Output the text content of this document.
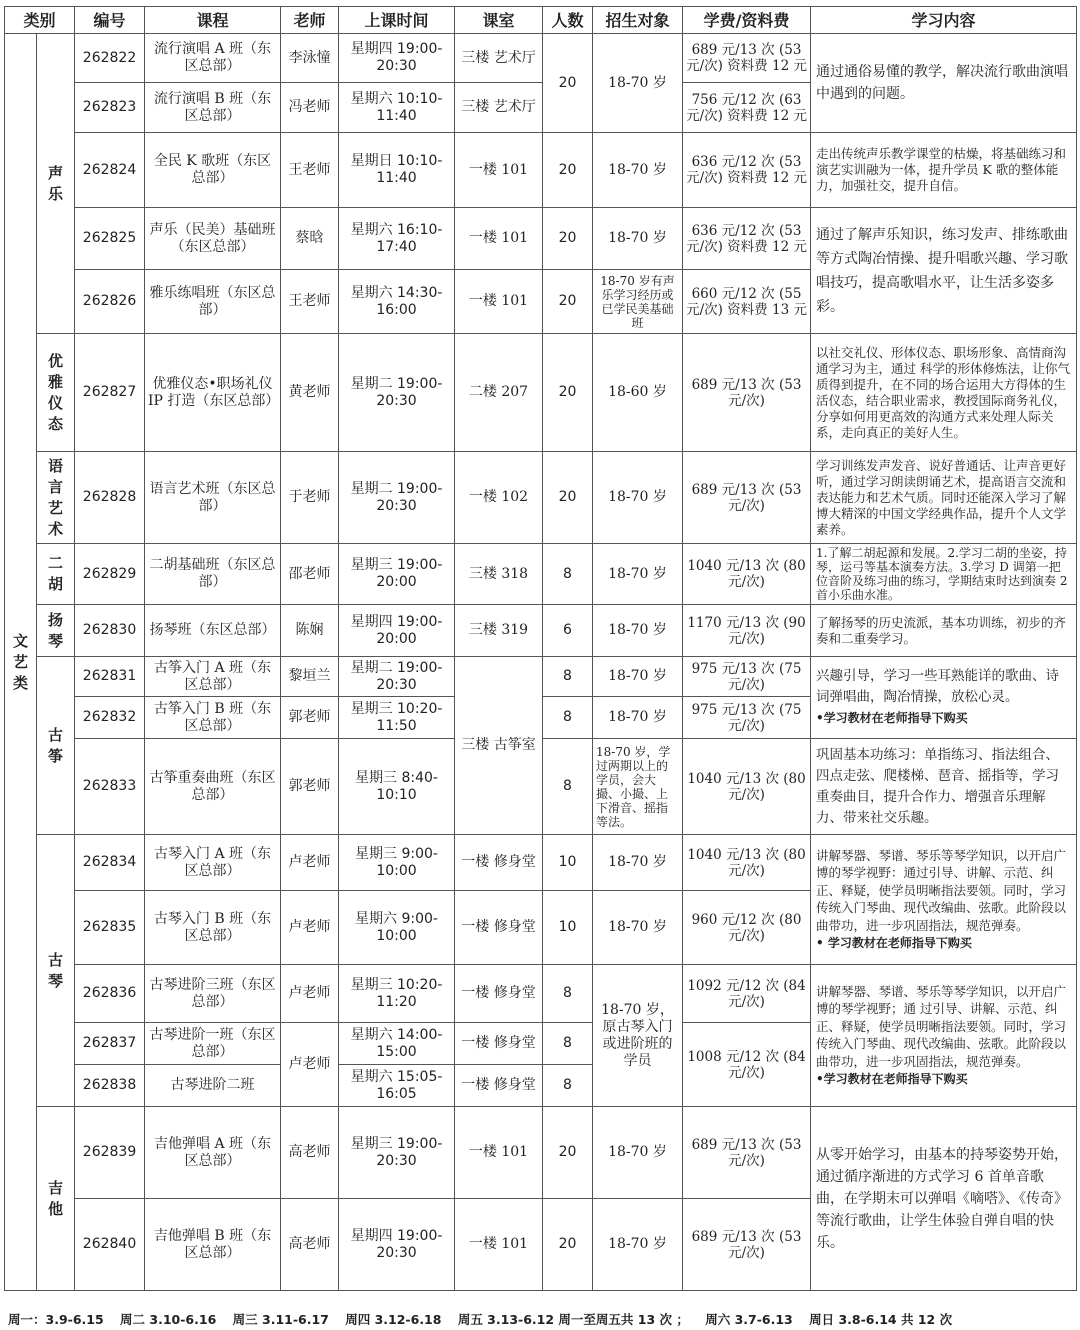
类别		编号	课程	老师	上课时间	课室	人数	招生对象	学费/资料费	学习内容

文艺类	声乐	262822	流行演唱 A 班（东区总部）	李泳憧	星期四 19:00-20:30	三楼 艺术厅	20	18-70 岁	689 元/13 次 (53 元/次) 资料费 12 元	通过通俗易懂的教学，解决流行歌曲演唱中遇到的问题。
		262823	流行演唱 B 班（东区总部）	冯老师	星期六 10:10-11:40	三楼 艺术厅			756 元/12 次 (63 元/次) 资料费 12 元	
		262824	全民 K 歌班（东区总部）	王老师	星期日 10:10-11:40	一楼 101	20	18-70 岁	636 元/12 次 (53 元/次) 资料费 12 元	走出传统声乐教学课堂的枯燥，将基础练习和演艺实训融为一体，提升学员 K 歌的整体能力，加强社交，提升自信。
		262825	声乐（民美）基础班（东区总部）	蔡晗	星期六 16:10-17:40	一楼 101	20	18-70 岁	636 元/12 次 (53 元/次) 资料费 12 元	通过了解声乐知识，练习发声、排练歌曲等方式陶冶情操、提升唱歌兴趣、学习歌唱技巧，提高歌唱水平，让生活多姿多彩。
		262826	雅乐练唱班（东区总部）	王老师	星期六 14:30-16:00	一楼 101	20	18-70 岁有声乐学习经历或已学民美基础班	660 元/12 次 (55 元/次) 资料费 13 元	

	优雅仪态	262827	优雅仪态•职场礼仪 IP 打造（东区总部）	黄老师	星期二 19:00-20:30	二楼 207	20	18-60 岁	689 元/13 次 (53 元/次)	以社交礼仪、形体仪态、职场形象、高情商沟通学习为主，通过 科学的形体修炼法，让你气质得到提升，在不同的场合运用大方得体的生活仪态，结合职业需求，教授国际商务礼仪，分享如何用更高效的沟通方式来处理人际关系，走向真正的美好人生。

	语言艺术	262828	语言艺术班（东区总部）	于老师	星期二 19:00-20:30	一楼 102	20	18-70 岁	689 元/13 次 (53 元/次)	学习训练发声发音、说好普通话、让声音更好听，通过学习朗读朗诵艺术，提高语言交流和表达能力和艺术气质。同时还能深入学习了解博大精深的中国文学经典作品，提升个人文学素养。

	二胡	262829	二胡基础班（东区总部）	邵老师	星期三 19:00-20:00	三楼 318	8	18-70 岁	1040 元/13 次 (80 元/次)	1.了解二胡起源和发展。2.学习二胡的坐姿，持琴，运弓等基本演奏方法。3.学习 D 调第一把位音阶及练习曲的练习，学期结束时达到演奏 2 首小乐曲水准。

	扬琴	262830	扬琴班（东区总部）	陈娴	星期四 19:00-20:00	三楼 319	6	18-70 岁	1170 元/13 次 (90 元/次)	了解扬琴的历史流派，基本功训练，初步的齐奏和二重奏学习。

	古筝	262831	古筝入门 A 班（东区总部）	黎垣兰	星期二 19:00-20:30	三楼 古筝室	8	18-70 岁	975 元/13 次 (75 元/次)	兴趣引导，学习一些耳熟能详的歌曲、诗词弹唱曲，陶冶情操，放松心灵。
•学习教材在老师指导下购买
		262832	古筝入门 B 班（东区总部）	郭老师	星期三 10:20-11:50		8	18-70 岁	975 元/13 次 (75 元/次)	
		262833	古筝重奏曲班（东区总部）	郭老师	星期三 8:40-10:10		8	18-70 岁，学过两期以上的学员，会大撮、小撮、上下滑音、摇指等法。	1040 元/13 次 (80 元/次)	巩固基本功练习：单指练习、指法组合、四点走弦、爬楼梯、琶音、摇指等，学习重奏曲目，提升合作力、增强音乐理解力、带来社交乐趣。

	古琴	262834	古琴入门 A 班（东区总部）	卢老师	星期三 9:00-10:00	一楼 修身堂	10	18-70 岁	1040 元/13 次 (80 元/次)	讲解琴器、琴谱、琴乐等琴学知识，以开启广博的琴学视野：通过引导、讲解、示范、纠正、释疑，使学员明晰指法要领。同时，学习传统入门琴曲、现代改编曲、弦歌。此阶段以曲带功，进一步巩固指法，规范弹奏。
• 学习教材在老师指导下购买
		262835	古琴入门 B 班（东区总部）	卢老师	星期六 9:00-10:00	一楼 修身堂	10	18-70 岁	960 元/12 次 (80 元/次)	
		262836	古琴进阶三班（东区总部）	卢老师	星期三 10:20-11:20	一楼 修身堂	8	18-70 岁，原古琴入门或进阶班的学员	1092 元/12 次 (84 元/次)	讲解琴器、琴谱、琴乐等琴学知识，以开启广博的琴学视野；通 过引导、讲解、示范、纠正、释疑，使学员明晰指法要领。同时，学习传统入门琴曲、现代改编曲、弦歌。此阶段以曲带功，进一步巩固指法，规范弹奏。
•学习教材在老师指导下购买
		262837	古琴进阶一班（东区总部）	卢老师	星期六 14:00-15:00	一楼 修身堂	8		1008 元/12 次 (84 元/次)	
		262838	古琴进阶二班		星期六 15:05-16:05	一楼 修身堂	8			

	吉他	262839	吉他弹唱 A 班（东区总部）	高老师	星期三 19:00-20:30	一楼 101	20	18-70 岁	689 元/13 次 (53 元/次)	从零开始学习，由基本的持琴姿势开始，通过循序渐进的方式学习 6 首单音歌曲，在学期末可以弹唱《嘀嗒》、《传奇》等流行歌曲，让学生体验自弹自唱的快乐。
		262840	吉他弹唱 B 班（东区总部）	高老师	星期四 19:00-20:30	一楼 101	20	18-70 岁	689 元/13 次 (53 元/次)	
周一：3.9-6.15 周二 3.10-6.16 周三 3.11-6.17 周四 3.12-6.18 周五 3.13-6.12 周一至周五共 13 次 ； 周六 3.7-6.13 周日 3.8-6.14 共 12 次
